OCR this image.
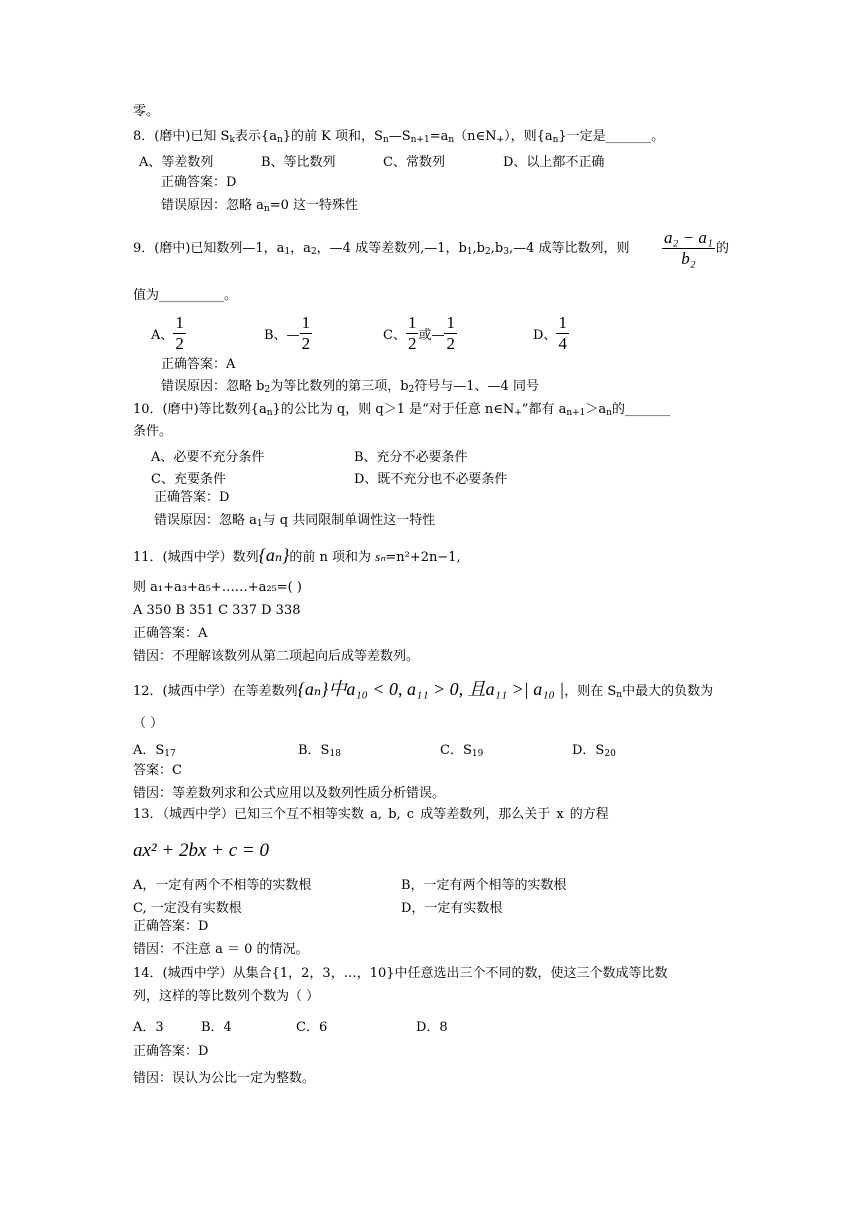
零。
8．(磨中)已知 $S_k$表示$\{a_n\}$的前 K 项和，$S_n—S_{n+1}=a_n(n\in N_+)$，则$\{a_n\}$一定是_______。
A、等差数列	B、等比数列	C、常数列	D、以上都不正确
正确答案：D
错误原因：忽略 $a_n=0$ 这一特殊性
9．(磨中)已知数列—1，$a_1$，$a_2$，—4 成等差数列,—1，$b_1,b_2,b_3,—4$ 成等比数列，则 $\frac{\text{a₂ − a₁}}{\text{b₂}}$ 的
值为__________。
A、 $\frac{1}{2}$	B、— $\frac{1}{2}$	C、 $\frac{1}{2}$ 或— $\frac{1}{2}$	D、 $\frac{1}{4}$
正确答案：A
错误原因：忽略 $b_2$为等比数列的第三项，$b_2$符号与—1、—4 同号
10．(磨中)等比数列$\{a_n\}$的公比为 q，则 q＞1 是“对于任意 $n\in N_+$”都有 $a_{n+1}>a_n$的_______
条件。
A、必要不充分条件	B、充分不必要条件
C、充要条件	D、既不充分也不必要条件
正确答案：D
错误原因：忽略 $a_1$与 q 共同限制单调性这一特性
11．(城西中学）数列{aₙ}的前 n 项和为 sₙ=n²+2n−1,
则 a₁+a₃+a₅+……+a₂₅=( )
A 350 B 351 C 337 D 338
正确答案：A
错因：不理解该数列从第二项起向后成等差数列。
12．(城西中学）在等差数列{aₙ}中a₁₀ < 0, a₁₁ > 0, 且a₁₁ >| a₁₀ |，则在 $S_n$中最大的负数为
（ ）
A．$S_{17}$	B．$S_{18}$	C．$S_{19}$	D．$S_{20}$
答案：C
错因：等差数列求和公式应用以及数列性质分析错误。
13．（城西中学）已知三个互不相等实数 a, b, c 成等差数列，那么关于 x 的方程
ax² + 2bx + c = 0
A，一定有两个不相等的实数根	B，一定有两个相等的实数根
C, 一定没有实数根	D，一定有实数根
正确答案：D
错因：不注意 a ＝ 0 的情况。
14．(城西中学）从集合{1，2，3，…，10}中任意选出三个不同的数，使这三个数成等比数
列，这样的等比数列个数为（ ）
A．3	B．4	C．6	D．8
正确答案：D
错因：误认为公比一定为整数。
